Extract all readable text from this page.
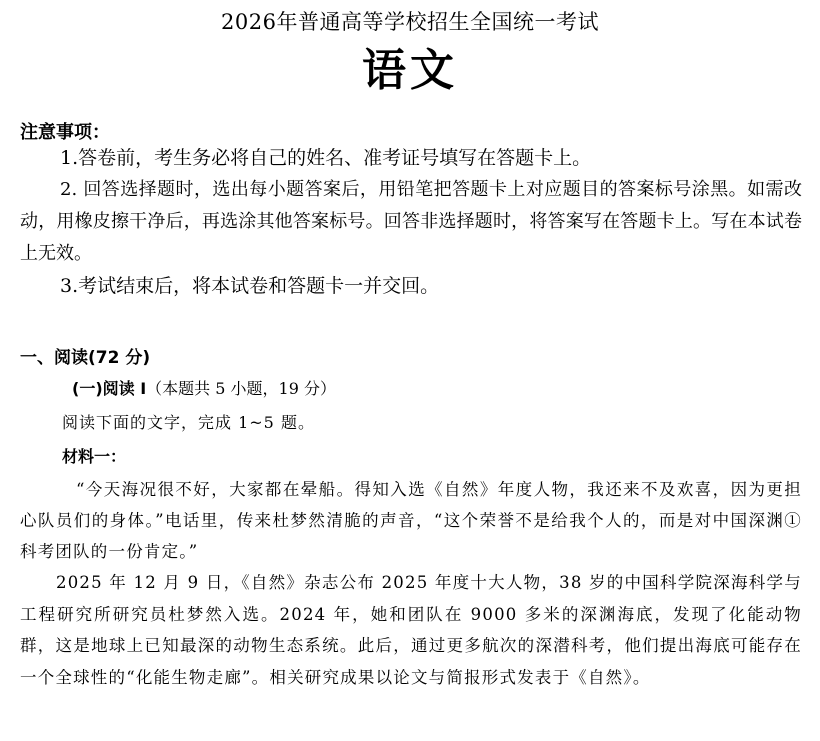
2026年普通高等学校招生全国统一考试
语文
注意事项：
1.答卷前，考生务必将自己的姓名、准考证号填写在答题卡上。
2. 回答选择题时，选出每小题答案后，用铅笔把答题卡上对应题目的答案标号涂黑。如需改动，用橡皮擦干净后，再选涂其他答案标号。回答非选择题时，将答案写在答题卡上。写在本试卷上无效。
3.考试结束后，将本试卷和答题卡一并交回。
一、阅读(72 分)
(一)阅读 I（本题共 5 小题，19 分）
阅读下面的文字，完成 1~5 题。
材料一：
“今天海况很不好，大家都在晕船。得知入选《自然》年度人物，我还来不及欢喜，因为更担心队员们的身体。”电话里，传来杜梦然清脆的声音，“这个荣誉不是给我个人的，而是对中国深渊①科考团队的一份肯定。”
2025 年 12 月 9 日，《自然》杂志公布 2025 年度十大人物，38 岁的中国科学院深海科学与工程研究所研究员杜梦然入选。2024 年，她和团队在 9000 多米的深渊海底，发现了化能动物群，这是地球上已知最深的动物生态系统。此后，通过更多航次的深潜科考，他们提出海底可能存在一个全球性的“化能生物走廊”。相关研究成果以论文与简报形式发表于《自然》。
